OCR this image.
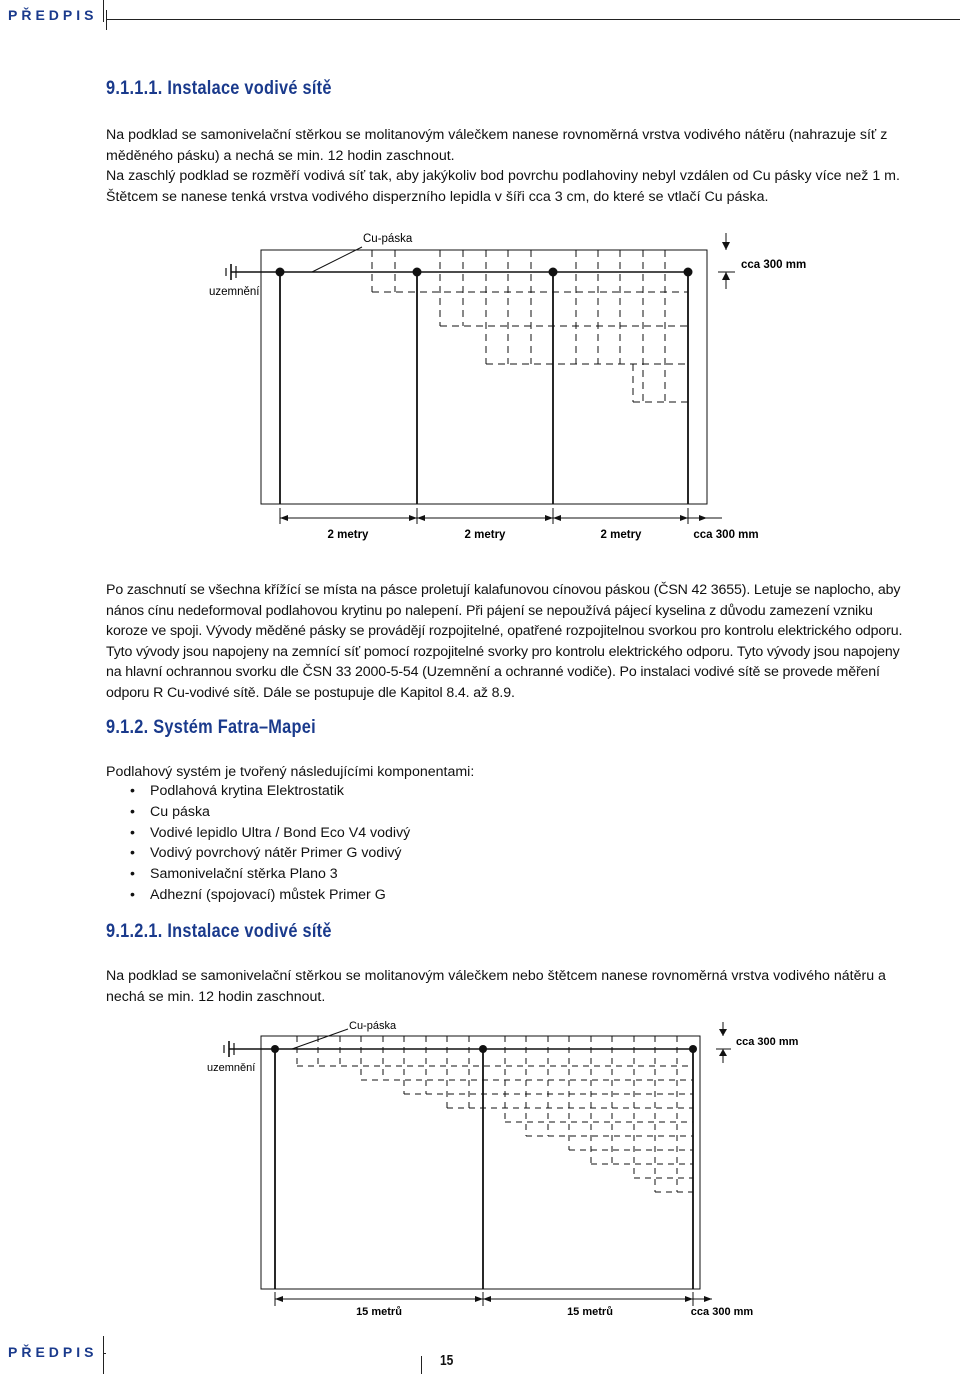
PŘEDPIS
9.1.1.1. Instalace vodivé sítě

Na podklad se samonivelační stěrkou se molitanovým válečkem nanese rovnoměrná vrstva vodivého nátěru (nahrazuje síť z měděného pásku) a nechá se min. 12 hodin zaschnout.

Na zaschlý podklad se rozměří vodivá síť tak, aby jakýkoliv bod povrchu podlahoviny nebyl vzdálen od Cu pásky více než 1 m. Štětcem se nanese tenká vrstva vodivého disperzního lepidla v šíři cca 3 cm, do které se vtlačí Cu páska.

Cu-páska
uzemnění
cca 300 mm
2 metry	2 metry	2 metry	cca 300 mm

Po zaschnutí se všechna křížící se místa na pásce proletují kalafunovou cínovou páskou (ČSN 42 3655). Letuje se naplocho, aby nános cínu nedeformoval podlahovou krytinu po nalepení. Při pájení se nepoužívá pájecí kyselina z důvodu zamezení vzniku koroze ve spoji. Vývody měděné pásky se provádějí rozpojitelné, opatřené rozpojitelnou svorkou pro kontrolu elektrického odporu. Tyto vývody jsou napojeny na zemnící síť pomocí rozpojitelné svorky pro kontrolu elektrického odporu. Tyto vývody jsou napojeny na hlavní ochrannou svorku dle ČSN 33 2000-5-54 (Uzemnění a ochranné vodiče). Po instalaci vodivé sítě se provede měření odporu R Cu-vodivé sítě. Dále se postupuje dle Kapitol 8.4. až 8.9.

9.1.2. Systém Fatra–Mapei

Podlahový systém je tvořený následujícími komponentami:

• Podlahová krytina Elektrostatik
• Cu páska
• Vodivé lepidlo Ultra / Bond Eco V4 vodivý
• Vodivý povrchový nátěr Primer G vodivý
• Samonivelační stěrka Plano 3
• Adhezní (spojovací) můstek Primer G
9.1.2.1. Instalace vodivé sítě

Na podklad se samonivelační stěrkou se molitanovým válečkem nebo štětcem nanese rovnoměrná vrstva vodivého nátěru a nechá se min. 12 hodin zaschnout.

Cu-páska
uzemnění
cca 300 mm
15 metrů	15 metrů	cca 300 mm
PŘEDPIS	15
